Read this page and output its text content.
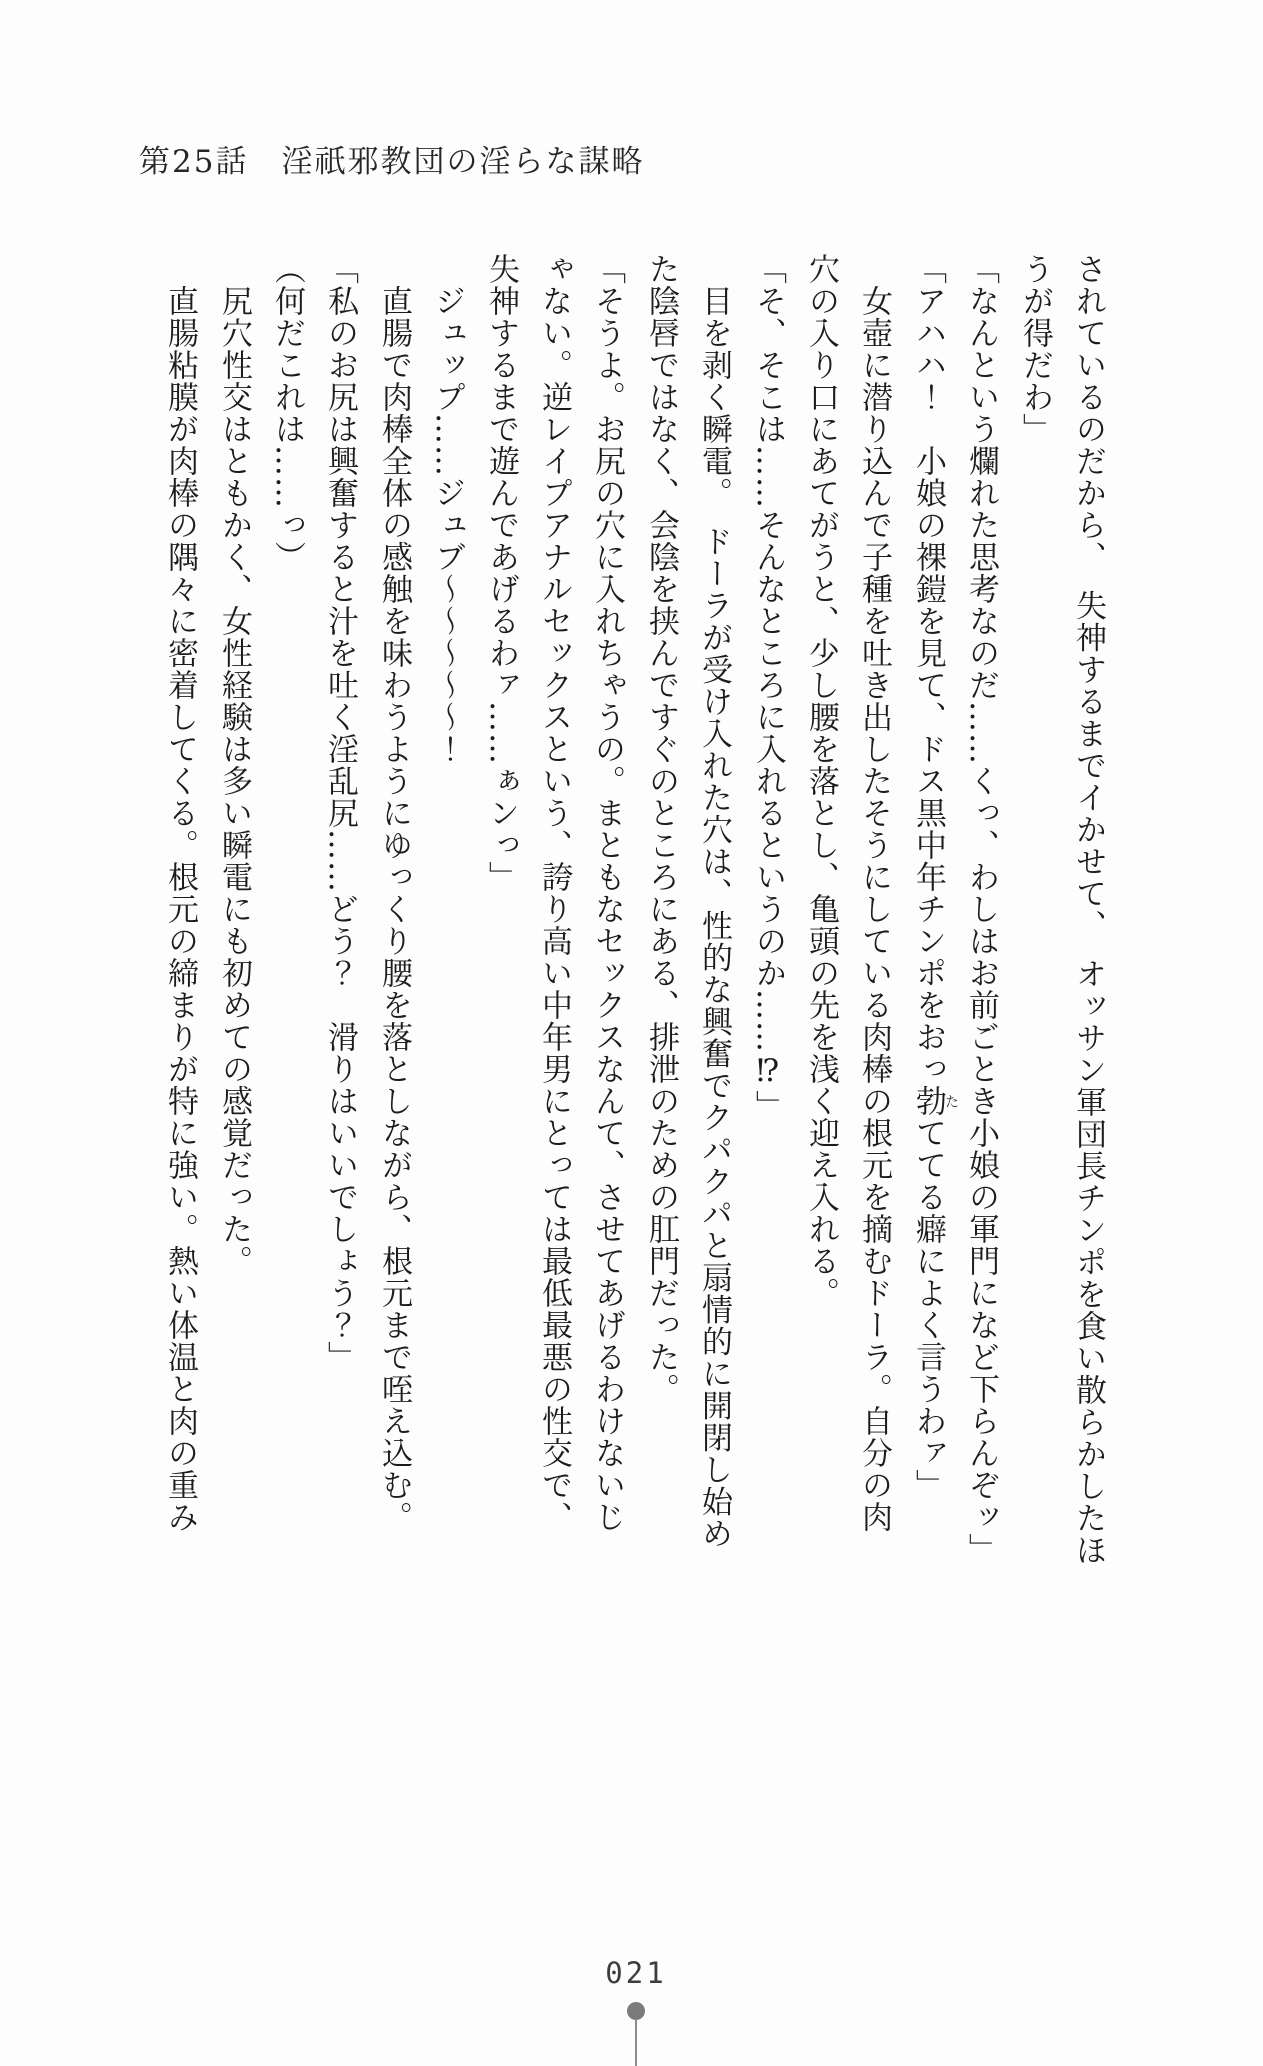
第25話　淫祇邪教団の淫らな謀略
されているのだから、　失神するまでイかせて、　オッサン軍団長チンポを食い散らかしたほ
うが得だわ」
「なんという爛れた思考なのだ……くっ、わしはお前ごとき小娘の軍門になど下らんぞッ」
「アハハ！　小娘の裸鎧を見て、ドス黒中年チンポをおっ勃たててる癖によく言うわァ」
　女壺に潜り込んで子種を吐き出したそうにしている肉棒の根元を摘むドーラ。自分の肉
穴の入り口にあてがうと、少し腰を落とし、亀頭の先を浅く迎え入れる。
「そ、そこは……そんなところに入れるというのか……⁉」
　目を剥く瞬電。　ドーラが受け入れた穴は、性的な興奮でクパクパと扇情的に開閉し始め
た陰唇ではなく、会陰を挟んですぐのところにある、排泄のための肛門だった。
「そうよ。お尻の穴に入れちゃうの。まともなセックスなんて、させてあげるわけないじ
ゃない。逆レイプアナルセックスという、誇り高い中年男にとっては最低最悪の性交で、
失神するまで遊んであげるわァ……ぁンっ」
　ジュップ……ジュブ～～～～～！
　直腸で肉棒全体の感触を味わうようにゆっくり腰を落としながら、根元まで咥え込む。
「私のお尻は興奮すると汁を吐く淫乱尻……どう？　滑りはいいでしょう？」
（何だこれは……っ）
　尻穴性交はともかく、女性経験は多い瞬電にも初めての感覚だった。
　直腸粘膜が肉棒の隅々に密着してくる。根元の締まりが特に強い。熱い体温と肉の重み
021
